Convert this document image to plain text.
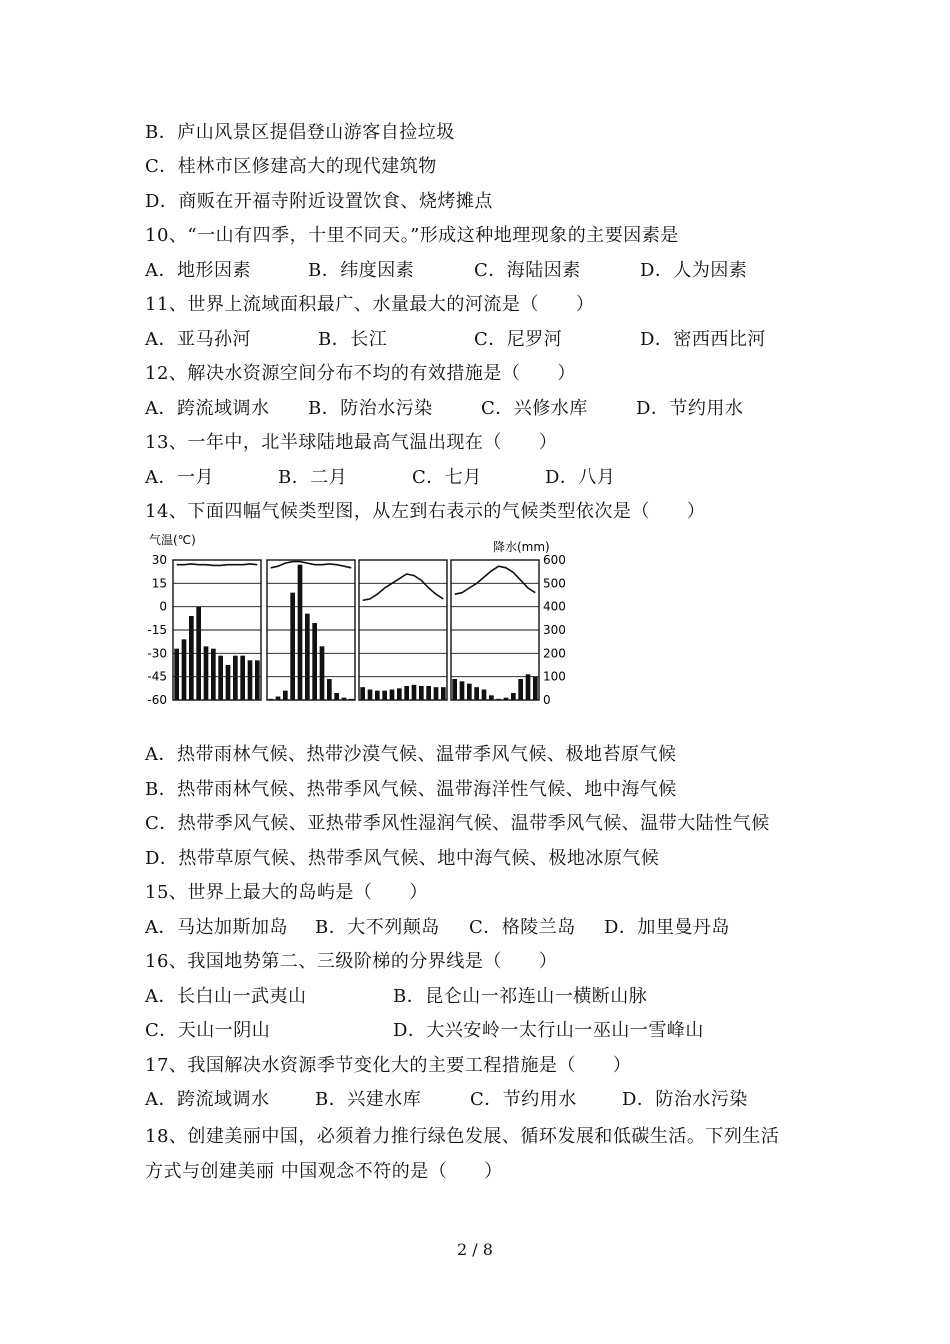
B．庐山风景区提倡登山游客自捡垃圾
C．桂林市区修建高大的现代建筑物
D．商贩在开福寺附近设置饮食、烧烤摊点
10、“一山有四季，十里不同天。”形成这种地理现象的主要因素是
A．地形因素	B．纬度因素	C．海陆因素	D．人为因素
11、世界上流域面积最广、水量最大的河流是（　　）
A．亚马孙河	B．长江	C．尼罗河	D．密西西比河
12、解决水资源空间分布不均的有效措施是（　　）
A．跨流域调水 B．防治水污染	C．兴修水库	D．节约用水
13、一年中，北半球陆地最高气温出现在（　　）
A．一月	B．二月	C．七月	D．八月
14、下面四幅气候类型图，从左到右表示的气候类型依次是（　　）
气温(℃)	降水(mm)
30
15
0
-15
-30
-45
-60
600
500
400
300
200
100
0
A．热带雨林气候、热带沙漠气候、温带季风气候、极地苔原气候
B．热带雨林气候、热带季风气候、温带海洋性气候、地中海气候
C．热带季风气候、亚热带季风性湿润气候、温带季风气候、温带大陆性气候
D．热带草原气候、热带季风气候、地中海气候、极地冰原气候
15、世界上最大的岛屿是（　　）
A．马达加斯加岛 B．大不列颠岛 C．格陵兰岛 D．加里曼丹岛
16、我国地势第二、三级阶梯的分界线是（　　）
A．长白山一武夷山	B．昆仑山一祁连山一横断山脉
C．天山一阴山	D．大兴安岭一太行山一巫山一雪峰山
17、我国解决水资源季节变化大的主要工程措施是（　　）
A．跨流域调水	B．兴建水库	C．节约用水	D．防治水污染
18、创建美丽中国，必须着力推行绿色发展、循环发展和低碳生活。下列生活
方式与创建美丽 中国观念不符的是（　　）
2 / 8
